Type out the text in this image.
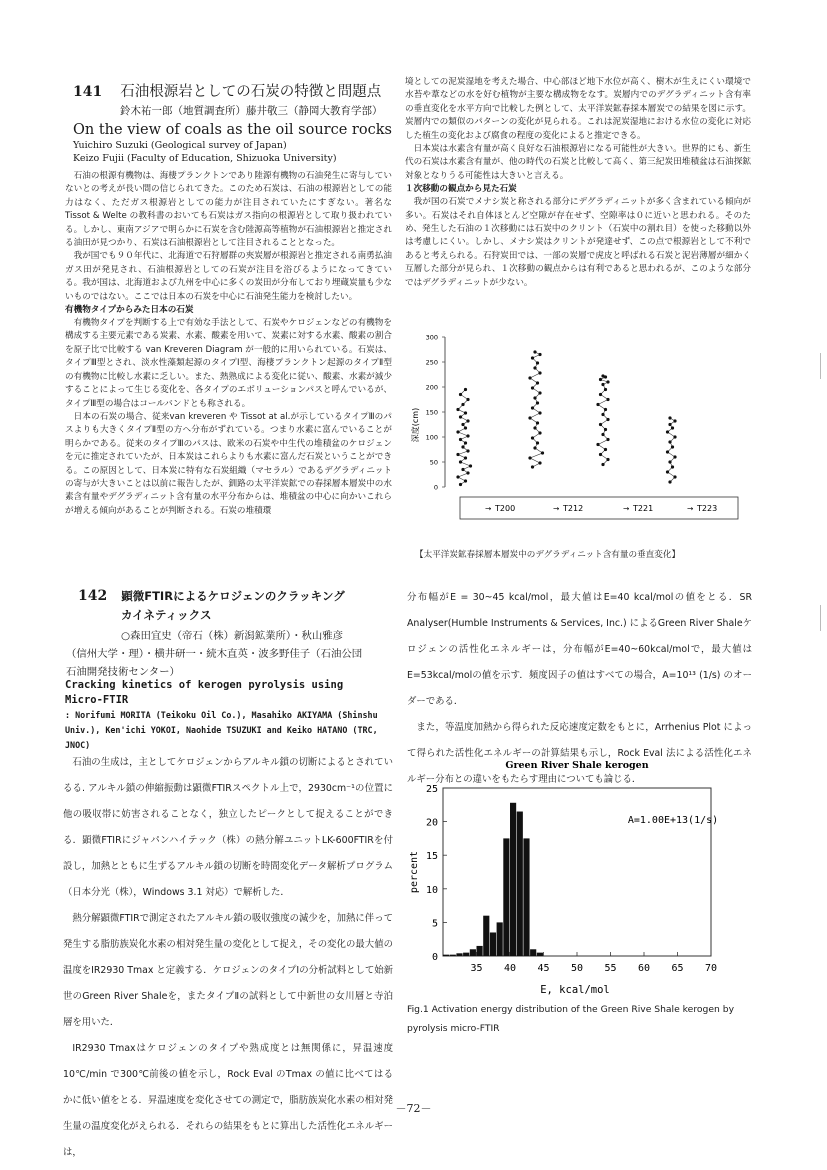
141 石油根源岩としての石炭の特徴と問題点
鈴木祐一郎（地質調査所）藤井敬三（静岡大教育学部）
On the view of coals as the oil source rocks
Yuichiro Suzuki (Geological survey of Japan)
Keizo Fujii (Faculty of Education, Shizuoka University)

石油の根源有機物は、海棲プランクトンであり陸源有機物の石油発生に寄与していないとの考えが長い間の信じられてきた。このため石炭は、石油の根源岩としての能力はなく、ただガス根源岩としての能力が注目されていたにすぎない。著名な Tissot & Welte の教科書のおいても石炭はガス指向の根源岩として取り扱われている。しかし、東南アジアで明らかに石炭を含む陸源高等植物が石油根源岩と推定される油田が見つかり、石炭は石油根源岩として注目されることとなった。

我が国でも９０年代に、北海道で石狩層群の夾炭層が根源岩と推定される南勇払油ガス田が発見され、石油根源岩としての石炭が注目を浴びるようになってきている。我が国は、北海道および九州を中心に多くの炭田が分布しており埋蔵炭量も少ないものではない。ここでは日本の石炭を中心に石油発生能力を検討したい。

有機物タイプからみた日本の石炭

有機物タイプを判断する上で有効な手法として、石炭やケロジェンなどの有機物を構成する主要元素である炭素、水素、酸素を用いて、炭素に対する水素、酸素の割合を原子比で比較する van Kreveren Diagram が一般的に用いられている。石炭は、タイプⅢ型とされ、淡水性藻類起源のタイプⅠ型、海棲プランクトン起源のタイプⅡ型の有機物に比較し水素に乏しい。また、熱熟成による変化に従い、酸素、水素が減少することによって生じる変化を、各タイプのエボリューションパスと呼んでいるが、タイプⅢ型の場合はコールバンドとも称される。

日本の石炭の場合、従来van kreveren や Tissot at al.が示しているタイプⅢのパスよりも大きくタイプⅡ型の方へ分布がずれている。つまり水素に富んでいることが明らかである。従来のタイプⅢのパスは、欧米の石炭や中生代の堆積盆のケロジェンを元に推定されていたが、日本炭はこれらよりも水素に富んだ石炭ということができる。この原因として、日本炭に特有な石炭組織（マセラル）であるデグラディニットの寄与が大きいことは以前に報告したが、釧路の太平洋炭鉱での春採層本層炭中の水素含有量やデグラディニット含有量の水平分布からは、堆積盆の中心に向かいこれらが増える傾向があることが判断される。石炭の堆積環

境としての泥炭湿地を考えた場合、中心部ほど地下水位が高く、樹木が生えにくい環境で水苔や葦などの水を好む植物が主要な構成物をなす。炭層内でのデグラディニット含有率の垂直変化を水平方向で比較した例として、太平洋炭鉱春採本層炭での結果を図に示す。炭層内での類似のパターンの変化が見られる。これは泥炭湿地における水位の変化に対応した植生の変化および腐食の程度の変化によると推定できる。

日本炭は水素含有量が高く良好な石油根源岩になる可能性が大きい。世界的にも、新生代の石炭は水素含有量が、他の時代の石炭と比較して高く、第三紀炭田堆積盆は石油探鉱対象となりうる可能性は大きいと言える。

１次移動の観点から見た石炭

我が国の石炭でメナシ炭と称される部分にデグラディニットが多く含まれている傾向が多い。石炭はそれ自体ほとんど空隙が存在せず、空隙率は０に近いと思われる。そのため、発生した石油の１次移動には石炭中のクリント（石炭中の割れ目）を使った移動以外は考慮しにくい。しかし、メナシ炭はクリントが発達せず、この点で根源岩として不利であると考えられる。石狩炭田では、一部の炭層で虎皮と呼ばれる石炭と泥岩薄層が細かく互層した部分が見られ、１次移動の観点からは有利であると思われるが、このような部分ではデグラディニットが少ない。

0
50
100
150
200
250
300
深度(cm)
→ T200	→ T212	→ T221	→ T223
【太平洋炭鉱春採層本層炭中のデグラディニット含有量の垂直変化】
142 顕微FTIRによるケロジェンのクラッキング
カイネティックス
○森田宜史（帝石（株）新潟鉱業所）・秋山雅彦
（信州大学・理）・横井研一・続木直英・波多野佳子（石油公団
石油開発技術センター）
Cracking kinetics of kerogen pyrolysis using Micro-FTIR
: Norifumi MORITA (Teikoku Oil Co.), Masahiko AKIYAMA (Shinshu Univ.), Ken'ichi YOKOI, Naohide TSUZUKI and Keiko HATANO (TRC, JNOC)

石油の生成は，主としてケロジェンからアルキル鎖の切断によるとされているる. アルキル鎖の伸縮振動は顕微FTIRスペクトル上で，2930cm⁻¹の位置に他の吸収帯に妨害されることなく，独立したピークとして捉えることができる．顕微FTIRにジャパンハイテック（株）の熱分解ユニットLK-600FTIRを付設し，加熱とともに生ずるアルキル鎖の切断を時間変化データ解析プログラム（日本分光（株），Windows 3.1 対応）で解析した．

熱分解顕微FTIRで測定されたアルキル鎖の吸収強度の減少を，加熱に伴って発生する脂肪族炭化水素の相対発生量の変化として捉え，その変化の最大値の温度をIR2930 Tmax と定義する．ケロジェンのタイプⅠの分析試料として始新世のGreen River Shaleを，またタイプⅡの試料として中新世の女川層と寺泊層を用いた．

IR2930 Tmaxはケロジェンのタイプや熟成度とは無関係に，昇温速度10℃/min で300℃前後の値を示し，Rock Eval のTmax の値に比べてはるかに低い値をとる．昇温速度を変化させての測定で，脂肪族炭化水素の相対発生量の温度変化がえられる．それらの結果をもとに算出した活性化エネルギーは，

分布幅がE = 30~45 kcal/mol，最大値はE=40 kcal/molの値をとる．SR Analyser(Humble Instruments & Services, Inc.) によるGreen River Shaleケロジェンの活性化エネルギーは，分布幅がE=40~60kcal/molで，最大値はE=53kcal/molの値を示す．頻度因子の値はすべての場合，A=10¹³ (1/s) のオーダーである．

また，等温度加熱から得られた反応速度定数をもとに，Arrhenius Plot によって得られた活性化エネルギーの計算結果も示し，Rock Eval 法による活性化エネルギー分布との違いをもたらす理由についても論じる．

Green River Shale kerogen
0
5
10
15
20
25
35 40 45 50 55 60 65 70
A=1.00E+13(1/s)
percent
E, kcal/mol
Fig.1 Activation energy distribution of the Green Rive Shale kerogen by pyrolysis micro-FTIR
－72－
